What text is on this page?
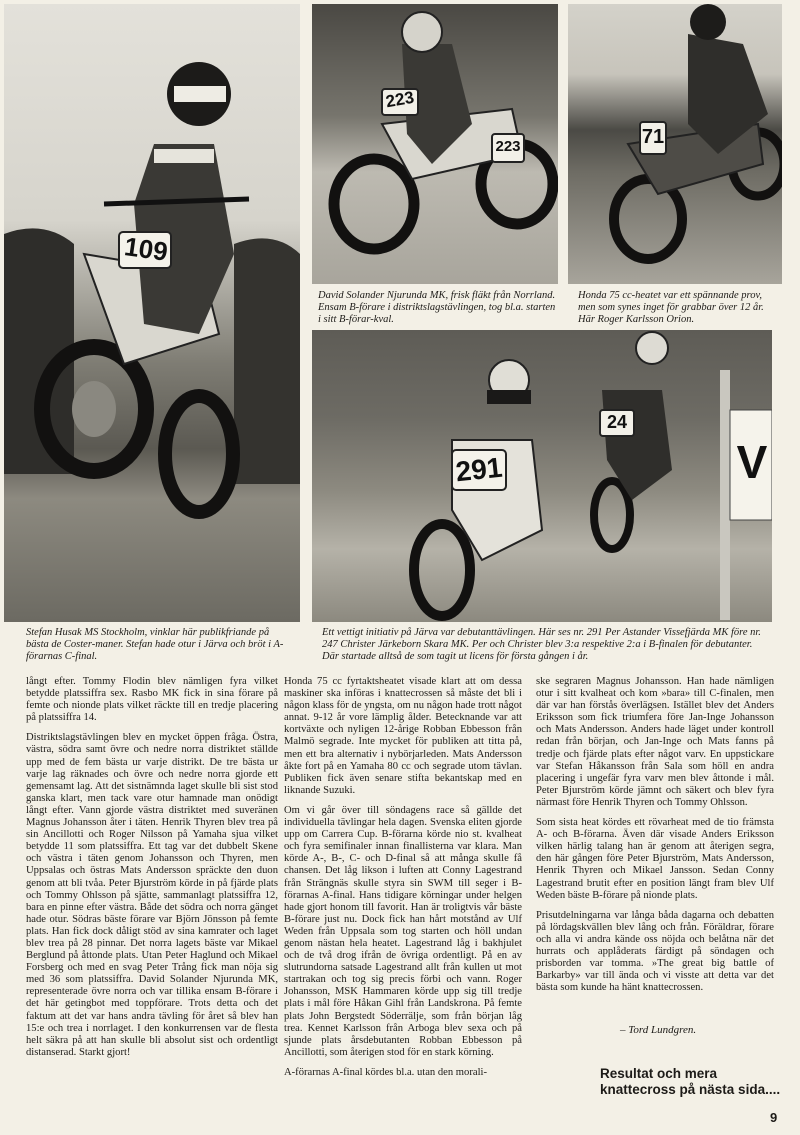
109
223
223
David Solander Njurunda MK, frisk fläkt från Norrland. Ensam B-förare i distriktslagstävlingen, tog bl.a. starten i sitt B-förar-kval.
71
Honda 75 cc-heatet var ett spännande prov, men som synes inget för grabbar över 12 år. Här Roger Karlsson Orion.
291
24
V
Stefan Husak MS Stockholm, vinklar här publikfriande på bästa de Coster-maner. Stefan hade otur i Järva och bröt i A-förarnas C-final.
Ett vettigt initiativ på Järva var debutanttävlingen. Här ses nr. 291 Per Astander Vissefjärda MK före nr. 247 Christer Järkeborn Skara MK. Per och Christer blev 3:a respektive 2:a i B-finalen för debutanter. Där startade alltså de som tagit ut licens för första gången i år.

långt efter. Tommy Flodin blev nämligen fyra vilket betydde platssiffra sex. Rasbo MK fick in sina förare på femte och nionde plats vilket räckte till en tredje placering på platssiffra 14.

Distriktslagstävlingen blev en mycket öppen fråga. Östra, västra, södra samt övre och nedre norra distriktet ställde upp med de fem bästa ur varje distrikt. De tre bästa ur varje lag räknades och övre och nedre norra gjorde ett gemensamt lag. Att det sistnämnda laget skulle bli sist stod ganska klart, men tack vare otur hamnade man onödigt långt efter. Vann gjorde västra distriktet med suveränen Magnus Johansson åter i täten. Henrik Thyren blev trea på sin Ancillotti och Roger Nilsson på Yamaha sjua vilket betydde 11 som platssiffra. Ett tag var det dubbelt Skene och västra i täten genom Johansson och Thyren, men Uppsalas och östras Mats Andersson spräckte den duon genom att bli tvåa. Peter Bjurström körde in på fjärde plats och Tommy Ohlsson på sjätte, sammanlagt platssiffra 12, bara en pinne efter västra. Både det södra och norra gänget hade otur. Södras bäste förare var Björn Jönsson på femte plats. Han fick dock dåligt stöd av sina kamrater och laget blev trea på 28 pinnar. Det norra lagets bäste var Mikael Berglund på åttonde plats. Utan Peter Haglund och Mikael Forsberg och med en svag Peter Trång fick man nöja sig med 36 som platssiffra. David Solander Njurunda MK, representerade övre norra och var tillika ensam B-förare i det här getingbot med toppförare. Trots detta och det faktum att det var hans andra tävling för året så blev han 15:e och trea i norrlaget. I den konkurrensen var de flesta helt säkra på att han skulle bli absolut sist och ordentligt distanserad. Starkt gjort!

Honda 75 cc fyrtaktsheatet visade klart att om dessa maskiner ska införas i knattecrossen så måste det bli i någon klass för de yngsta, om nu någon hade trott något annat. 9-12 år vore lämplig ålder. Betecknande var att kortväxte och nyligen 12-årige Robban Ebbesson från Malmö segrade. Inte mycket för publiken att titta på, men ett bra alternativ i nybörjarleden. Mats Andersson åkte fort på en Yamaha 80 cc och segrade utom tävlan. Publiken fick även senare stifta bekantskap med en liknande Suzuki.

Om vi går över till söndagens race så gällde det individuella tävlingar hela dagen. Svenska eliten gjorde upp om Carrera Cup. B-förarna körde nio st. kvalheat och fyra semifinaler innan finallisterna var klara. Man körde A-, B-, C- och D-final så att många skulle få chansen. Det låg likson i luften att Conny Lagestrand från Strängnäs skulle styra sin SWM till seger i B-förarnas A-final. Hans tidigare körningar under helgen hade gjort honom till favorit. Han är troligtvis vår bäste B-förare just nu. Dock fick han hårt motstånd av Ulf Weden från Uppsala som tog starten och höll undan genom nästan hela heatet. Lagestrand låg i bakhjulet och de två drog ifrån de övriga ordentligt. På en av slutrundorna satsade Lagestrand allt från kullen ut mot startrakan och tog sig precis förbi och vann. Roger Johansson, MSK Hammaren körde upp sig till tredje plats i mål före Håkan Gihl från Landskrona. På femte plats John Bergstedt Söderrälje, som från början låg trea. Kennet Karlsson från Arboga blev sexa och på sjunde plats årsdebutanten Robban Ebbesson på Ancillotti, som återigen stod för en stark körning.

A-förarnas A-final kördes bl.a. utan den morali-

ske segraren Magnus Johansson. Han hade nämligen otur i sitt kvalheat och kom »bara» till C-finalen, men där var han förstås överlägsen. Istället blev det Anders Eriksson som fick triumfera före Jan-Inge Johansson och Mats Andersson. Anders hade läget under kontroll redan från början, och Jan-Inge och Mats fanns på tredje och fjärde plats efter något varv. En uppstickare var Stefan Håkansson från Sala som höll en andra placering i ungefär fyra varv men blev åttonde i mål. Peter Bjurström körde jämnt och säkert och blev fyra närmast före Henrik Thyren och Tommy Ohlsson.

Som sista heat kördes ett rövarheat med de tio främsta A- och B-förarna. Även där visade Anders Eriksson vilken härlig talang han är genom att återigen segra, den här gången före Peter Bjurström, Mats Andersson, Henrik Thyren och Mikael Jansson. Sedan Conny Lagestrand brutit efter en position längt fram blev Ulf Weden bäste B-förare på nionde plats.

Prisutdelningarna var långa båda dagarna och debatten på lördagskvällen blev lång och från. Föräldrar, förare och alla vi andra kände oss nöjda och belåtna när det hurrats och applåderats färdigt på söndagen och prisborden var tomma. »The great big battle of Barkarby» var till ända och vi visste att detta var det bästa som kunde ha hänt knattecrossen.

– Tord Lundgren.
Resultat och mera
knattecross på nästa sida....
9
